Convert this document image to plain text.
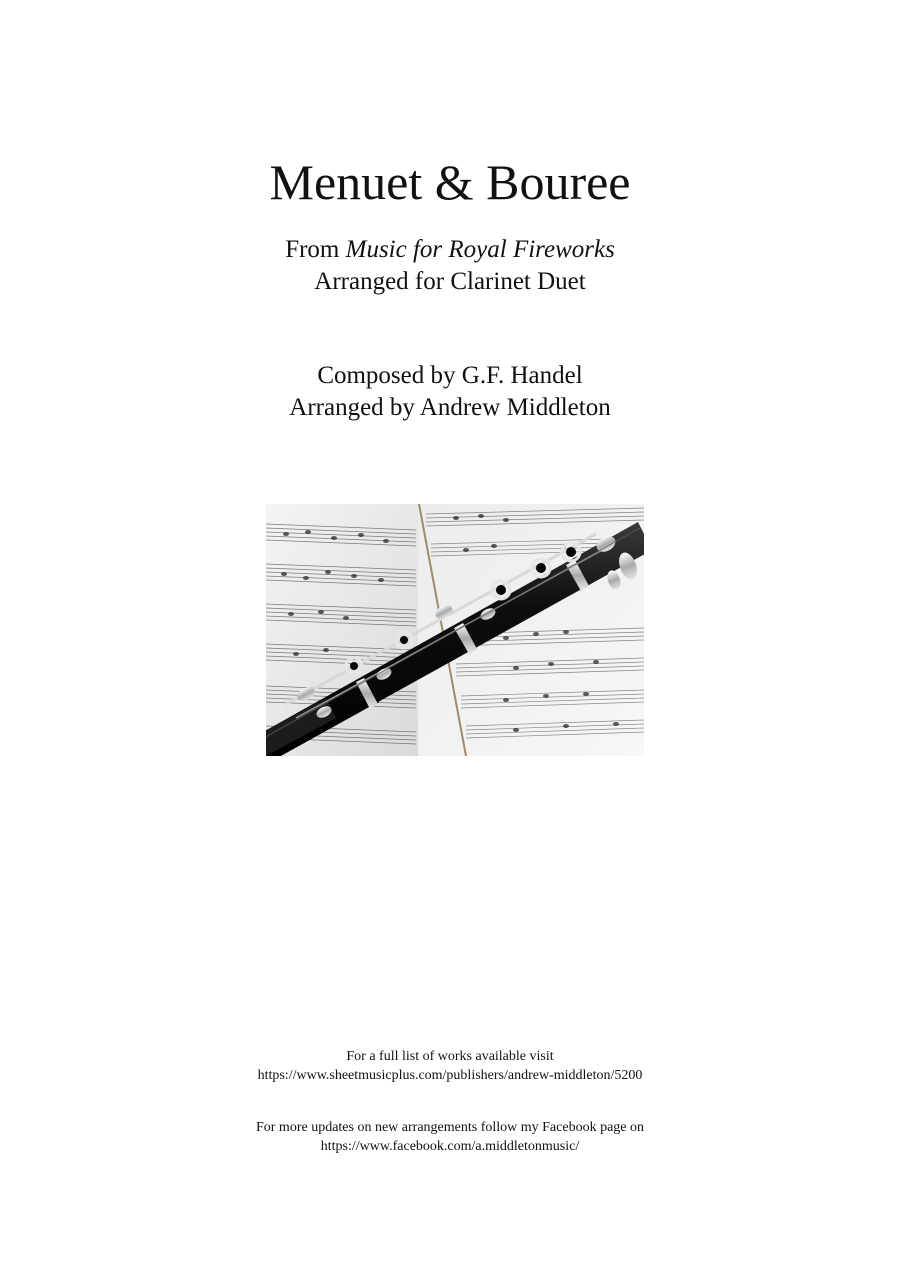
Menuet & Bouree
From Music for Royal Fireworks
Arranged for Clarinet Duet
Composed by G.F. Handel
Arranged by Andrew Middleton
For a full list of works available visit
https://www.sheetmusicplus.com/publishers/andrew-middleton/5200
For more updates on new arrangements follow my Facebook page on
https://www.facebook.com/a.middletonmusic/
